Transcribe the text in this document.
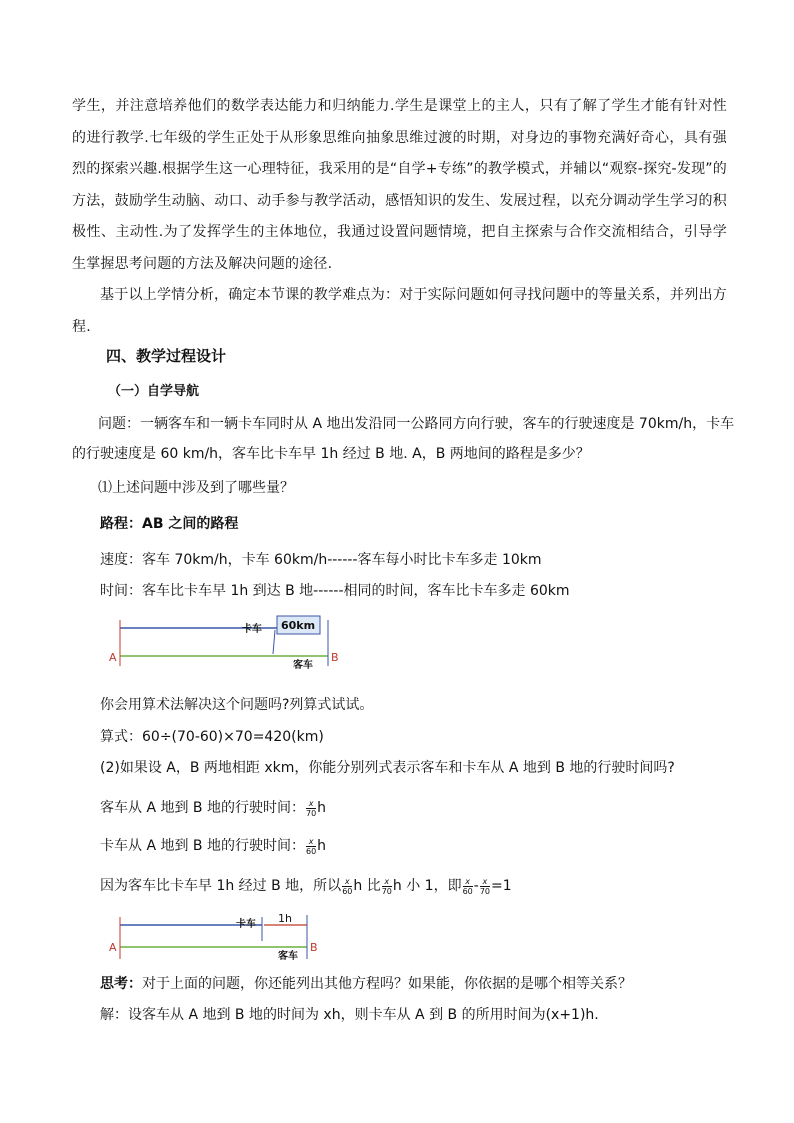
学生，并注意培养他们的数学表达能力和归纳能力.学生是课堂上的主人，只有了解了学生才能有针对性的进行教学.七年级的学生正处于从形象思维向抽象思维过渡的时期，对身边的事物充满好奇心，具有强烈的探索兴趣.根据学生这一心理特征，我采用的是“自学+专练”的教学模式，并辅以“观察-探究-发现”的方法，鼓励学生动脑、动口、动手参与教学活动，感悟知识的发生、发展过程，以充分调动学生学习的积极性、主动性.为了发挥学生的主体地位，我通过设置问题情境，把自主探索与合作交流相结合，引导学生掌握思考问题的方法及解决问题的途径.

基于以上学情分析，确定本节课的教学难点为：对于实际问题如何寻找问题中的等量关系，并列出方程.

四、教学过程设计
（一）自学导航
问题：一辆客车和一辆卡车同时从 A 地出发沿同一公路同方向行驶，客车的行驶速度是 70km/h，卡车
的行驶速度是 60 km/h，客车比卡车早 1h 经过 B 地. A，B 两地间的路程是多少？
⑴上述问题中涉及到了哪些量？
路程：AB 之间的路程
速度：客车 70km/h，卡车 60km/h------客车每小时比卡车多走 10km
时间：客车比卡车早 1h 到达 B 地------相同的时间，客车比卡车多走 60km
60km
卡车
A	B
客车
你会用算术法解决这个问题吗?列算式试试。
算式：60÷(70-60)×70=420(km)
(2)如果设 A，B 两地相距 xkm，你能分别列式表示客车和卡车从 A 地到 B 地的行驶时间吗?
客车从 A 地到 B 地的行驶时间： $\frac{x}{70}$ h
卡车从 A 地到 B 地的行驶时间： $\frac{x}{60}$ h
因为客车比卡车早 1h 经过 B 地，所以 $\frac{x}{60}$ h 比 $\frac{x}{70}$ h 小 1，即 $\frac{x}{60} - \frac{x}{70} =1$
1h
卡车
A	B
客车
思考：对于上面的问题，你还能列出其他方程吗？如果能，你依据的是哪个相等关系？
解：设客车从 A 地到 B 地的时间为 xh，则卡车从 A 到 B 的所用时间为(x+1)h.
